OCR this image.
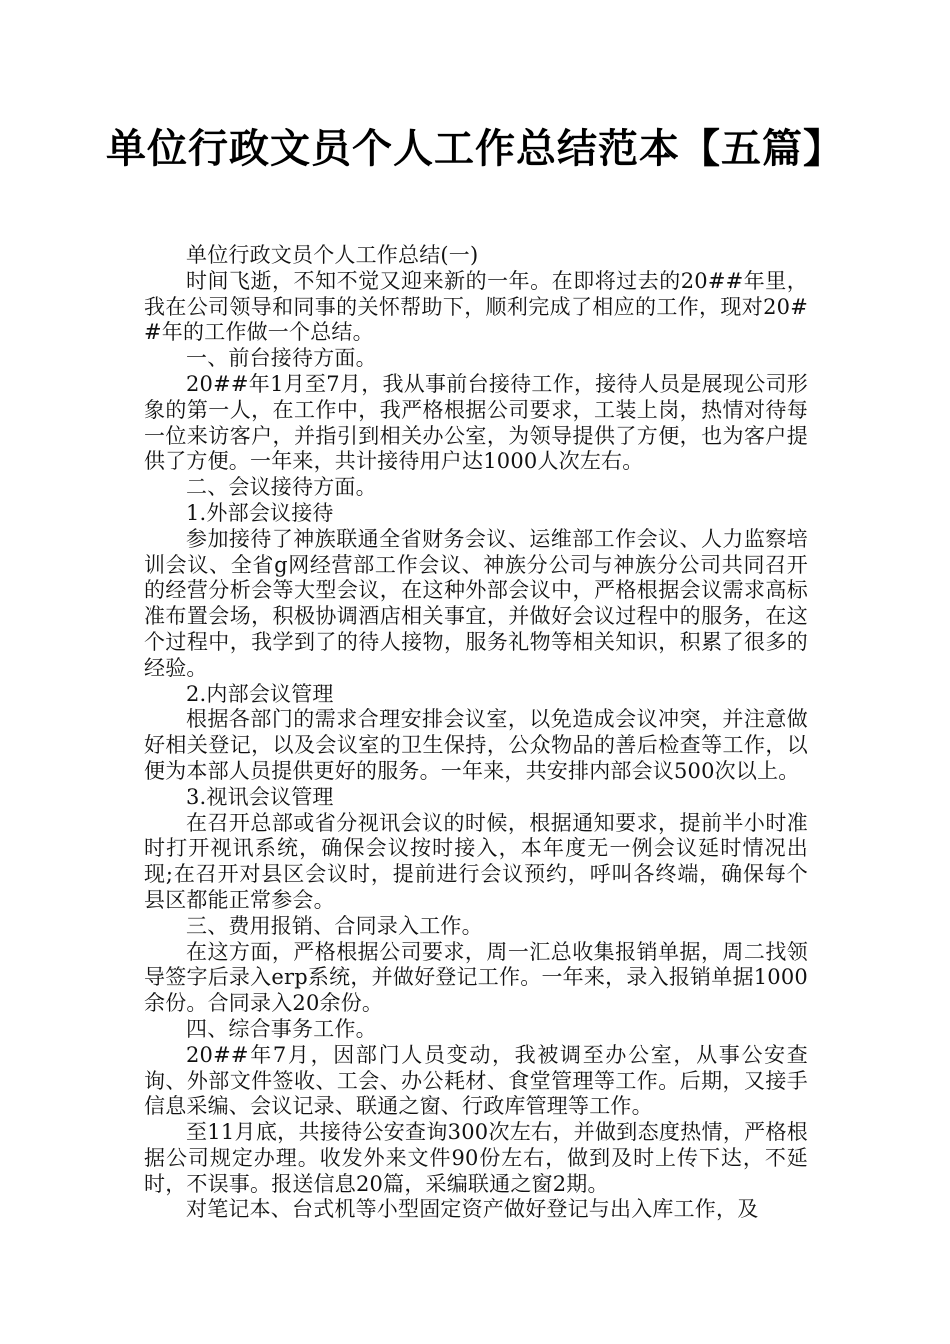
单位行政文员个人工作总结范本【五篇】

单位行政文员个人工作总结(一)

时间飞逝，不知不觉又迎来新的一年。在即将过去的20##年里，我在公司领导和同事的关怀帮助下，顺利完成了相应的工作，现对20##年的工作做一个总结。

一、前台接待方面。

20##年1月至7月，我从事前台接待工作，接待人员是展现公司形象的第一人，在工作中，我严格根据公司要求，工装上岗，热情对待每一位来访客户，并指引到相关办公室，为领导提供了方便，也为客户提供了方便。一年来，共计接待用户达1000人次左右。

二、会议接待方面。

1.外部会议接待

参加接待了神族联通全省财务会议、运维部工作会议、人力监察培训会议、全省g网经营部工作会议、神族分公司与神族分公司共同召开的经营分析会等大型会议，在这种外部会议中，严格根据会议需求高标准布置会场，积极协调酒店相关事宜，并做好会议过程中的服务，在这个过程中，我学到了的待人接物，服务礼物等相关知识，积累了很多的经验。

2.内部会议管理

根据各部门的需求合理安排会议室，以免造成会议冲突，并注意做好相关登记，以及会议室的卫生保持，公众物品的善后检查等工作，以便为本部人员提供更好的服务。一年来，共安排内部会议500次以上。

3.视讯会议管理

在召开总部或省分视讯会议的时候，根据通知要求，提前半小时准时打开视讯系统，确保会议按时接入，本年度无一例会议延时情况出现;在召开对县区会议时，提前进行会议预约，呼叫各终端，确保每个县区都能正常参会。

三、费用报销、合同录入工作。

在这方面，严格根据公司要求，周一汇总收集报销单据，周二找领导签字后录入erp系统，并做好登记工作。一年来，录入报销单据1000余份。合同录入20余份。

四、综合事务工作。

20##年7月，因部门人员变动，我被调至办公室，从事公安查询、外部文件签收、工会、办公耗材、食堂管理等工作。后期，又接手信息采编、会议记录、联通之窗、行政库管理等工作。

至11月底，共接待公安查询300次左右，并做到态度热情，严格根据公司规定办理。收发外来文件90份左右，做到及时上传下达，不延时，不误事。报送信息20篇，采编联通之窗2期。

对笔记本、台式机等小型固定资产做好登记与出入库工作，及
